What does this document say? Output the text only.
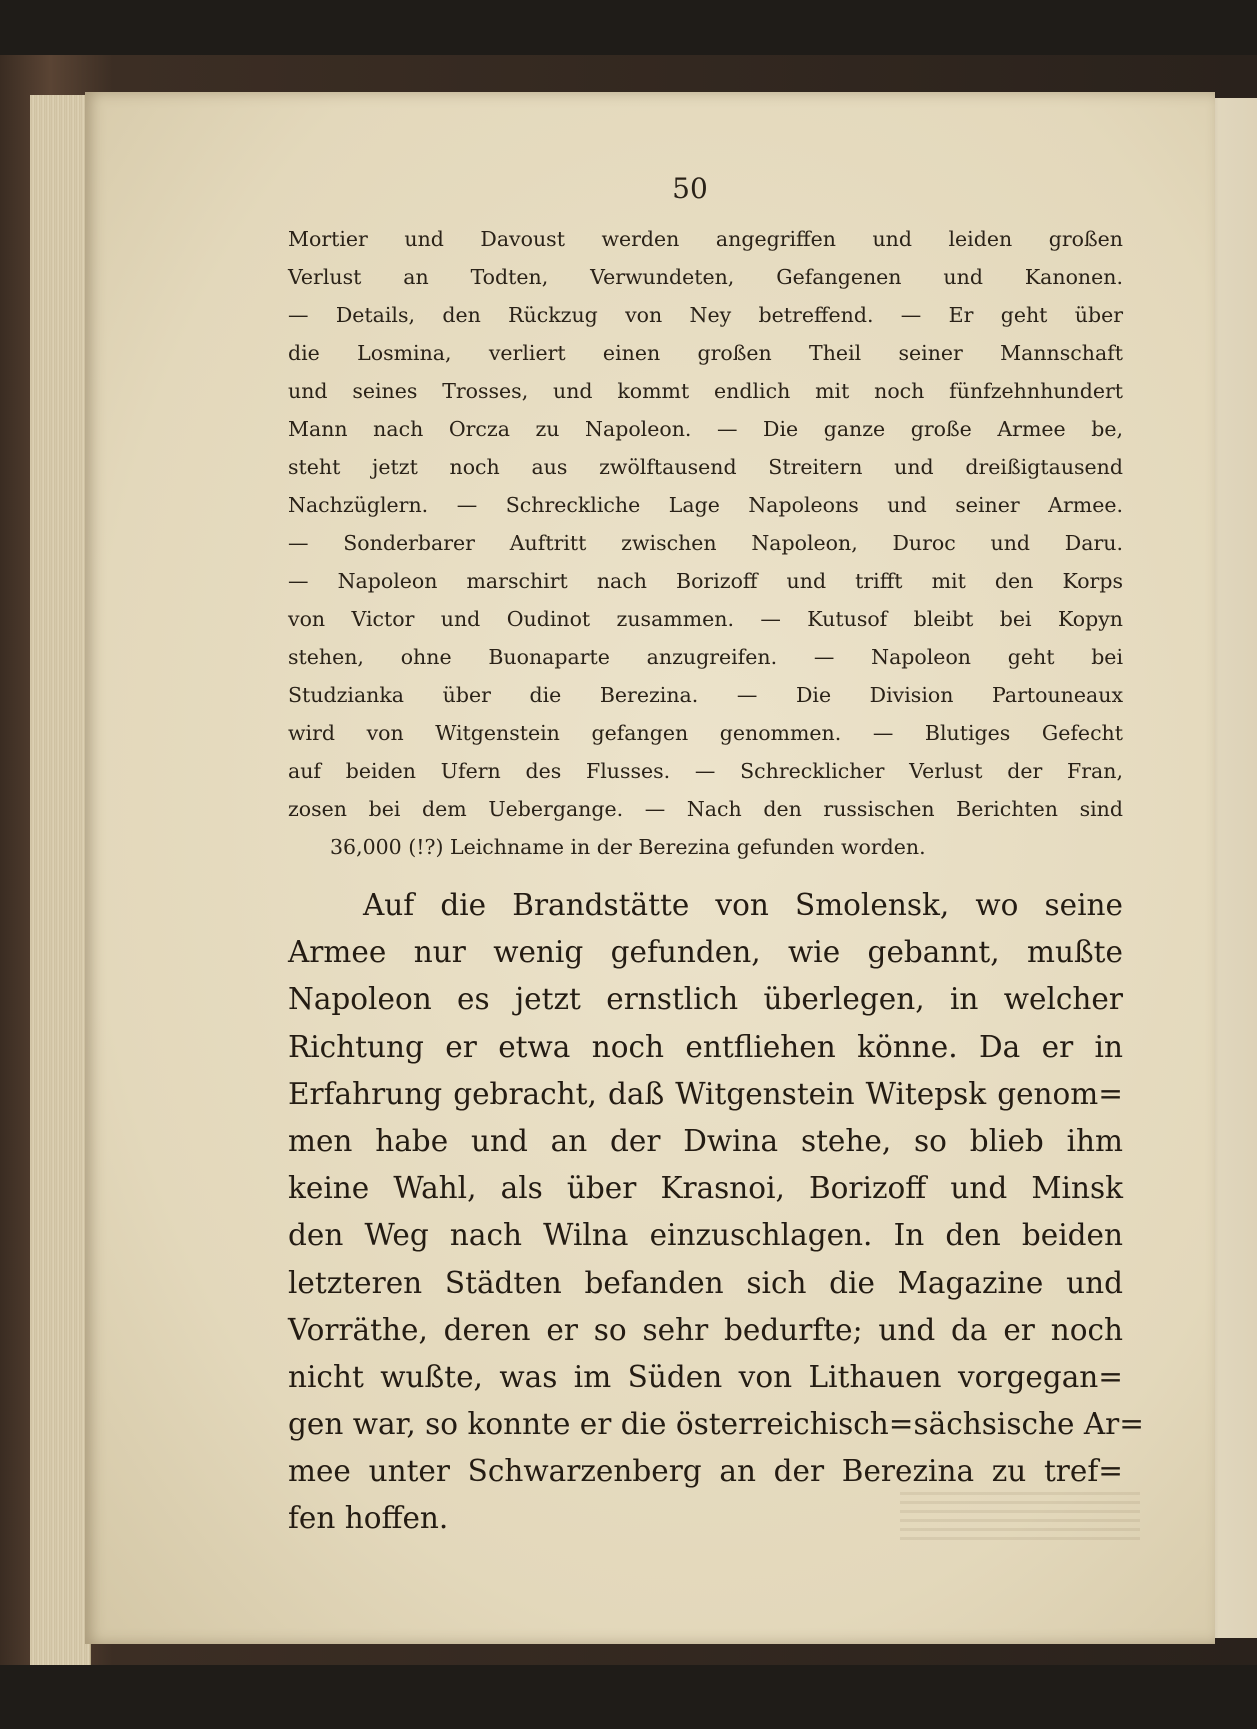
50
Mortier und Davoust werden angegriffen und leiden großen
Verlust an Todten, Verwundeten, Gefangenen und Kanonen.
— Details, den Rückzug von Ney betreffend. — Er geht über
die Losmina, verliert einen großen Theil seiner Mannschaft
und seines Trosses, und kommt endlich mit noch fünfzehnhundert
Mann nach Orcza zu Napoleon. — Die ganze große Armee be,
steht jetzt noch aus zwölftausend Streitern und dreißigtausend
Nachzüglern. — Schreckliche Lage Napoleons und seiner Armee.
— Sonderbarer Auftritt zwischen Napoleon, Duroc und Daru.
— Napoleon marschirt nach Borizoff und trifft mit den Korps
von Victor und Oudinot zusammen. — Kutusof bleibt bei Kopyn
stehen, ohne Buonaparte anzugreifen. — Napoleon geht bei
Studzianka über die Berezina. — Die Division Partouneaux
wird von Witgenstein gefangen genommen. — Blutiges Gefecht
auf beiden Ufern des Flusses. — Schrecklicher Verlust der Fran,
zosen bei dem Uebergange. — Nach den russischen Berichten sind
36,000 (!?) Leichname in der Berezina gefunden worden.
Auf die Brandstätte von Smolensk, wo seine
Armee nur wenig gefunden, wie gebannt, mußte
Napoleon es jetzt ernstlich überlegen, in welcher
Richtung er etwa noch entfliehen könne. Da er in
Erfahrung gebracht, daß Witgenstein Witepsk genom=
men habe und an der Dwina stehe, so blieb ihm
keine Wahl, als über Krasnoi, Borizoff und Minsk
den Weg nach Wilna einzuschlagen. In den beiden
letzteren Städten befanden sich die Magazine und
Vorräthe, deren er so sehr bedurfte; und da er noch
nicht wußte, was im Süden von Lithauen vorgegan=
gen war, so konnte er die österreichisch=sächsische Ar=
mee unter Schwarzenberg an der Berezina zu tref=
fen hoffen.
